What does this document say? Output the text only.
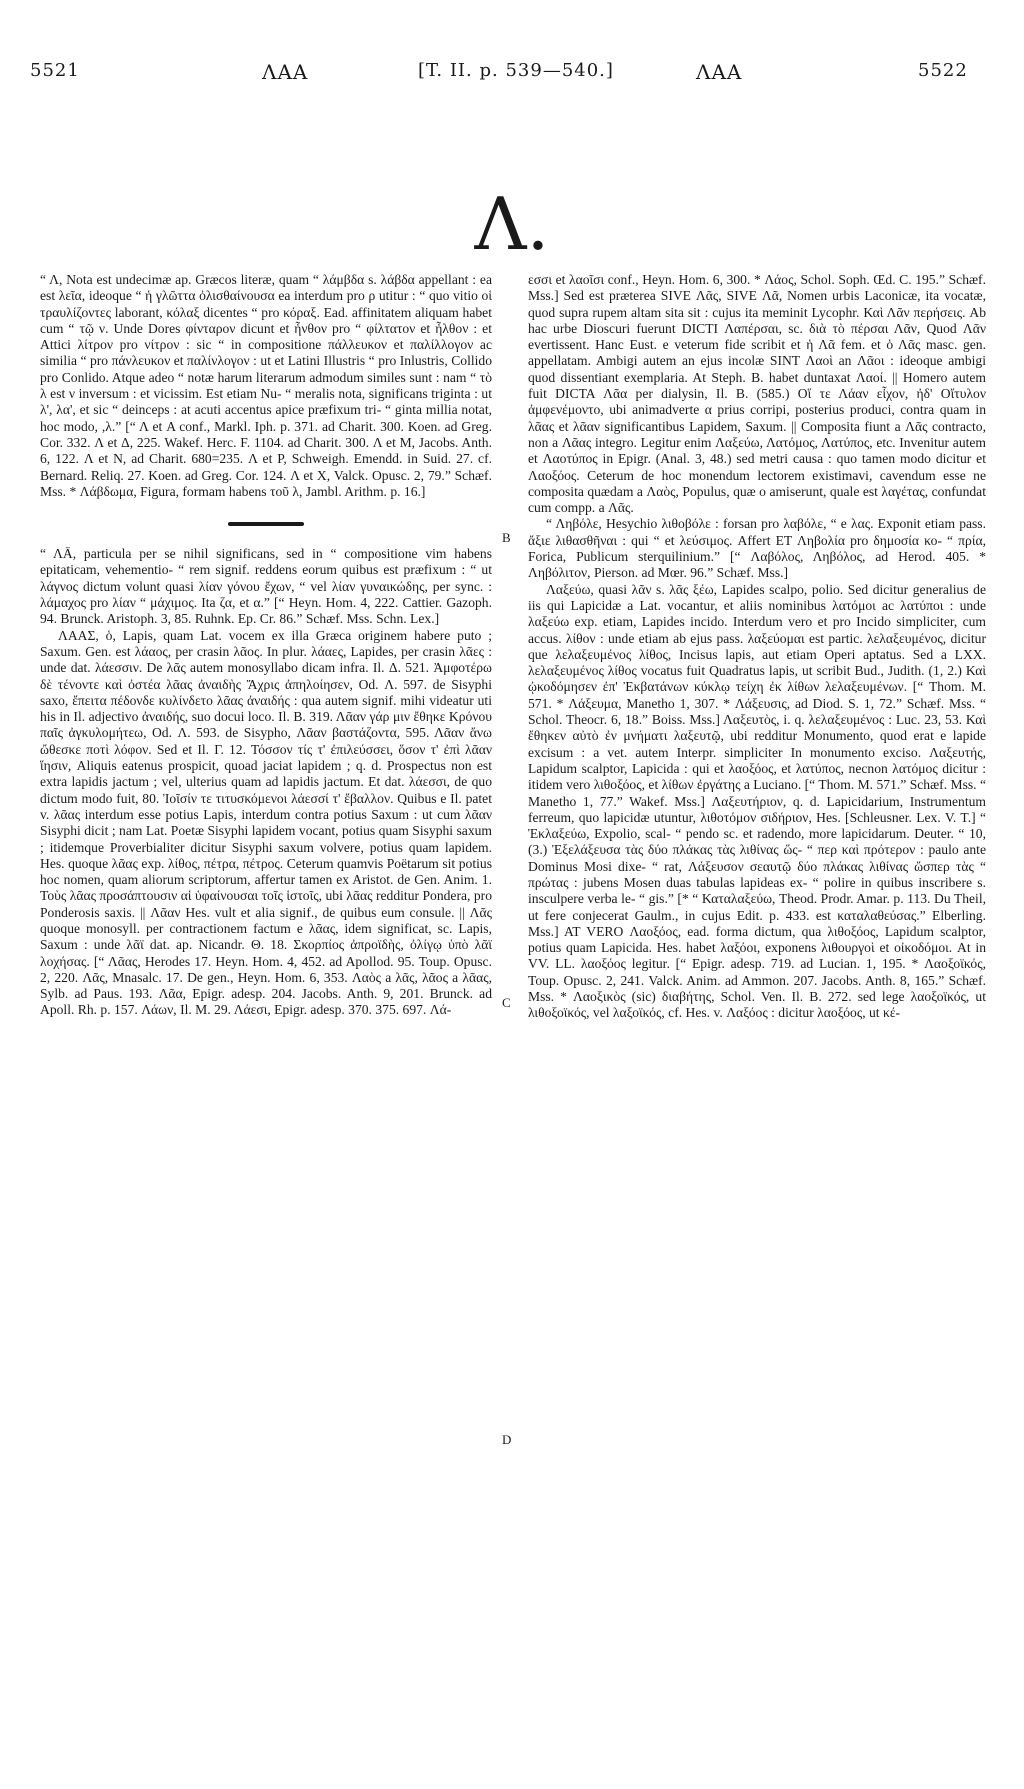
5521	ΛΑΑ	[T. II. p. 539—540.]	ΛΑΑ	5522
Λ.

“ Λ, Nota est undecimæ ap. Græcos literæ, quam “ λάμβδα s. λάβδα appellant : ea est λεῖα, ideoque “ ἡ γλῶττα ὀλισθαίνουσα ea interdum pro ρ utitur : “ quo vitio οἱ τραυλίζοντες laborant, κόλαξ dicentes “ pro κόραξ. Ead. affinitatem aliquam habet cum “ τῷ ν. Unde Dores φίνταρον dicunt et ἦνθον pro “ φίλτατον et ἦλθον : et Attici λίτρον pro νίτρον : sic “ in compositione πάλλευκον et παλίλλογον ac similia “ pro πάνλευκον et παλίνλογον : ut et Latini Illustris “ pro Inlustris, Collido pro Conlido. Atque adeo “ notæ harum literarum admodum similes sunt : nam “ τὸ λ est ν inversum : et vicissim. Est etiam Nu- “ meralis nota, significans triginta : ut λ', λα', et sic “ deinceps : at acuti accentus apice præfixum tri- “ ginta millia notat, hoc modo, ,λ.” [“ Λ et Α conf., Markl. Iph. p. 371. ad Charit. 300. Koen. ad Greg. Cor. 332. Λ et Δ, 225. Wakef. Herc. F. 1104. ad Charit. 300. Λ et Μ, Jacobs. Anth. 6, 122. Λ et Ν, ad Charit. 680=235. Λ et Ρ, Schweigh. Emendd. in Suid. 27. cf. Bernard. Reliq. 27. Koen. ad Greg. Cor. 124. Λ et Χ, Valck. Opusc. 2, 79.” Schæf. Mss. * Λάβδωμα, Figura, formam habens τοῦ λ, Jambl. Arithm. p. 16.]

“ ΛᾹ, particula per se nihil significans, sed in “ compositione vim habens epitaticam, vehementio- “ rem signif. reddens eorum quibus est præfixum : “ ut λάγνος dictum volunt quasi λίαν γόνου ἔχων, “ vel λίαν γυναικώδης, per sync. : λάμαχος pro λίαν “ μάχιμος. Ita ζα, et α.” [“ Heyn. Hom. 4, 222. Cattier. Gazoph. 94. Brunck. Aristoph. 3, 85. Ruhnk. Ep. Cr. 86.” Schæf. Mss. Schn. Lex.]

ΛΑΑΣ, ὁ, Lapis, quam Lat. vocem ex illa Græca originem habere puto ; Saxum. Gen. est λάαος, per crasin λᾶος. In plur. λάαες, Lapides, per crasin λᾶες : unde dat. λάεσσιν. De λᾶς autem monosyllabo dicam infra. Il. Δ. 521. Ἀμφοτέρω δὲ τένοντε καὶ ὀστέα λᾶας ἀναιδὴς Ἄχρις ἀπηλοίησεν, Od. Λ. 597. de Sisyphi saxo, ἔπειτα πέδονδε κυλίνδετο λᾶας ἀναιδής : qua autem signif. mihi videatur uti his in Il. adjectivo ἀναιδής, suo docui loco. Il. Β. 319. Λᾶαν γάρ μιν ἔθηκε Κρόνου παῖς ἀγκυλομήτεω, Od. Λ. 593. de Sisypho, Λᾶαν βαστάζοντα, 595. Λᾶαν ἄνω ὤθεσκε ποτὶ λόφον. Sed et Il. Γ. 12. Τόσσον τίς τ' ἐπιλεύσσει, ὅσον τ' ἐπὶ λᾶαν ἵησιν, Aliquis eatenus prospicit, quoad jaciat lapidem ; q. d. Prospectus non est extra lapidis jactum ; vel, ulterius quam ad lapidis jactum. Et dat. λάεσσι, de quo dictum modo fuit, 80. Ἰοῖσίν τε τιτυσκόμενοι λάεσσί τ' ἔβαλλον. Quibus e Il. patet v. λᾶας interdum esse potius Lapis, interdum contra potius Saxum : ut cum λᾶαν Sisyphi dicit ; nam Lat. Poetæ Sisyphi lapidem vocant, potius quam Sisyphi saxum ; itidemque Proverbialiter dicitur Sisyphi saxum volvere, potius quam lapidem. Hes. quoque λᾶας exp. λίθος, πέτρα, πέτρος. Ceterum quamvis Poëtarum sit potius hoc nomen, quam aliorum scriptorum, affertur tamen ex Aristot. de Gen. Anim. 1. Τοὺς λᾶας προσάπτουσιν αἱ ὑφαίνουσαι τοῖς ἱστοῖς, ubi λᾶας redditur Pondera, pro Ponderosis saxis. || Λᾶαν Hes. vult et alia signif., de quibus eum consule. || Λᾶς quoque monosyll. per contractionem factum e λᾶας, idem significat, sc. Lapis, Saxum : unde λᾶϊ dat. ap. Nicandr. Θ. 18. Σκορπίος ἀπροϊδὴς, ὀλίγῳ ὑπὸ λᾶϊ λοχήσας. [“ Λᾶας, Herodes 17. Heyn. Hom. 4, 452. ad Apollod. 95. Toup. Opusc. 2, 220. Λᾶς, Mnasalc. 17. De gen., Heyn. Hom. 6, 353. Λαὸς a λᾶς, λᾶος a λᾶας, Sylb. ad Paus. 193. Λᾶα, Epigr. adesp. 204. Jacobs. Anth. 9, 201. Brunck. ad Apoll. Rh. p. 157. Λάων, Il. Μ. 29. Λάεσι, Epigr. adesp. 370. 375. 697. Λά-

B
C
D

εσσι et λαοῖσι conf., Heyn. Hom. 6, 300. * Λάος, Schol. Soph. Œd. C. 195.” Schæf. Mss.] Sed est præterea SIVE Λᾶς, SIVE Λᾶ, Nomen urbis Laconicæ, ita vocatæ, quod supra rupem altam sita sit : cujus ita meminit Lycophr. Καὶ Λᾶν περήσεις. Ab hac urbe Dioscuri fuerunt DICTI Λαπέρσαι, sc. διὰ τὸ πέρσαι Λᾶν, Quod Λᾶν evertissent. Hanc Eust. e veterum fide scribit et ἡ Λᾶ fem. et ὁ Λᾶς masc. gen. appellatam. Ambigi autem an ejus incolæ SINT Λαοὶ an Λᾶοι : ideoque ambigi quod dissentiant exemplaria. At Steph. B. habet duntaxat Λαοί. || Homero autem fuit DICTA Λᾶα per dialysin, Il. Β. (585.) Οἵ τε Λάαν εἶχον, ἠδ' Οἴτυλον ἀμφενέμοντο, ubi animadverte α prius corripi, posterius produci, contra quam in λᾶας et λᾶαν significantibus Lapidem, Saxum. || Composita fiunt a Λᾶς contracto, non a Λᾶας integro. Legitur enim Λαξεύω, Λατόμος, Λατύπος, etc. Invenitur autem et Λαοτύπος in Epigr. (Anal. 3, 48.) sed metri causa : quo tamen modo dicitur et Λαοξόος. Ceterum de hoc monendum lectorem existimavi, cavendum esse ne composita quædam a Λαὸς, Populus, quæ ο amiserunt, quale est λαγέτας, confundat cum compp. a Λᾶς.

“ Ληβόλε, Hesychio λιθοβόλε : forsan pro λαβόλε, “ e λας. Exponit etiam pass. ἄξιε λιθασθῆναι : qui “ et λεύσιμος. Affert ET Ληβολία pro δημοσία κο- “ πρία, Forica, Publicum sterquilinium.” [“ Λαβόλος, Ληβόλος, ad Herod. 405. * Ληβόλιτον, Pierson. ad Mœr. 96.” Schæf. Mss.]

Λαξεύω, quasi λᾶν s. λᾶς ξέω, Lapides scalpo, polio. Sed dicitur generalius de iis qui Lapicidæ a Lat. vocantur, et aliis nominibus λατόμοι ac λατύποι : unde λαξεύω exp. etiam, Lapides incido. Interdum vero et pro Incido simpliciter, cum accus. λίθον : unde etiam ab ejus pass. λαξεύομαι est partic. λελαξευμένος, dicitur que λελαξευμένος λίθος, Incisus lapis, aut etiam Operi aptatus. Sed a LXX. λελαξευμένος λίθος vocatus fuit Quadratus lapis, ut scribit Bud., Judith. (1, 2.) Καὶ ᾠκοδόμησεν ἐπ' Ἐκβατάνων κύκλῳ τείχη ἐκ λίθων λελαξευμένων. [“ Thom. M. 571. * Λάξευμα, Manetho 1, 307. * Λάξευσις, ad Diod. S. 1, 72.” Schæf. Mss. “ Schol. Theocr. 6, 18.” Boiss. Mss.] Λαξευτὸς, i. q. λελαξευμένος : Luc. 23, 53. Καὶ ἔθηκεν αὐτὸ ἐν μνήματι λαξευτῷ, ubi redditur Monumento, quod erat e lapide excisum : a vet. autem Interpr. simpliciter In monumento exciso. Λαξευτής, Lapidum scalptor, Lapicida : qui et λαοξόος, et λατύπος, necnon λατόμος dicitur : itidem vero λιθοξόος, et λίθων ἐργάτης a Luciano. [“ Thom. M. 571.” Schæf. Mss. “ Manetho 1, 77.” Wakef. Mss.] Λαξευτήριον, q. d. Lapicidarium, Instrumentum ferreum, quo lapicidæ utuntur, λιθοτόμον σιδήριον, Hes. [Schleusner. Lex. V. T.] “ Ἐκλαξεύω, Expolio, scal- “ pendo sc. et radendo, more lapicidarum. Deuter. “ 10, (3.) Ἐξελάξευσα τὰς δύο πλάκας τὰς λιθίνας ὥς- “ περ καὶ πρότερον : paulo ante Dominus Mosi dixe- “ rat, Λάξευσον σεαυτῷ δύο πλάκας λιθίνας ὥσπερ τὰς “ πρώτας : jubens Mosen duas tabulas lapideas ex- “ polire in quibus inscribere s. insculpere verba le- “ gis.” [* “ Καταλαξεύω, Theod. Prodr. Amar. p. 113. Du Theil, ut fere conjecerat Gaulm., in cujus Edit. p. 433. est καταλαθεύσας.” Elberling. Mss.] AT VERO Λαοξόος, ead. forma dictum, qua λιθοξόος, Lapidum scalptor, potius quam Lapicida. Hes. habet λαξόοι, exponens λιθουργοὶ et οἰκοδόμοι. At in VV. LL. λαοξόος legitur. [“ Epigr. adesp. 719. ad Lucian. 1, 195. * Λαοξοϊκός, Toup. Opusc. 2, 241. Valck. Anim. ad Ammon. 207. Jacobs. Anth. 8, 165.” Schæf. Mss. * Λαοξικὸς (sic) διαβήτης, Schol. Ven. Il. Β. 272. sed lege λαοξοϊκός, ut λιθοξοϊκός, vel λαξοϊκός, cf. Hes. v. Λαξόος : dicitur λαοξόος, ut κέ-
